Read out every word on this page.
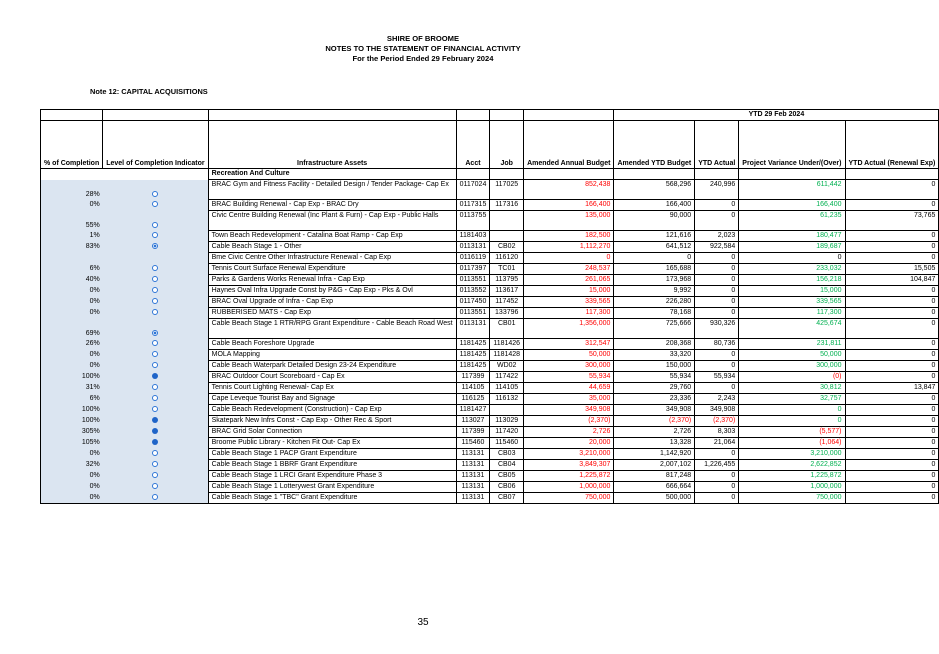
SHIRE OF BROOME
NOTES TO THE STATEMENT OF FINANCIAL ACTIVITY
For the Period Ended 29 February 2024
Note 12: CAPITAL ACQUISITIONS
						YTD 29 Feb 2024			
% of Completion	Level of Completion Indicator	Infrastructure Assets	Acct	Job	Amended Annual Budget	Amended YTD Budget	YTD Actual	Project Variance Under/(Over)	YTD Actual (Renewal Exp)
		Recreation And Culture							
28%		BRAC Gym and Fitness Facility - Detailed Design / Tender Package- Cap Ex	0117024	117025	852,438	568,296	240,996	611,442	0
0%		BRAC Building Renewal - Cap Exp - BRAC Dry	0117315	117316	166,400	166,400	0	166,400	0
55%		Civic Centre Building Renewal (Inc Plant & Furn) - Cap Exp - Public Halls	0113755		135,000	90,000	0	61,235	73,765
1%		Town Beach Redevelopment - Catalina Boat Ramp - Cap Exp	1181403		182,500	121,616	2,023	180,477	0
83%		Cable Beach Stage 1 - Other	0113131	CB02	1,112,270	641,512	922,584	189,687	0
		Bme Civic Centre Other Infrastructure Renewal - Cap Exp	0116119	116120	0	0	0	0	0
6%		Tennis Court Surface Renewal Expenditure	0117397	TC01	248,537	165,688	0	233,032	15,505
40%		Parks & Gardens Works Renewal Infra - Cap Exp	0113551	113795	261,065	173,968	0	156,218	104,847
0%		Haynes Oval Infra Upgrade Const by P&G - Cap Exp - Pks & Ovl	0113552	113617	15,000	9,992	0	15,000	0
0%		BRAC Oval Upgrade of Infra - Cap Exp	0117450	117452	339,565	226,280	0	339,565	0
0%		RUBBERISED MATS - Cap Exp	0113551	133796	117,300	78,168	0	117,300	0
69%		Cable Beach Stage 1 RTR/RPG Grant Expenditure - Cable Beach Road West	0113131	CB01	1,356,000	725,666	930,326	425,674	0
26%		Cable Beach Foreshore Upgrade	1181425	1181426	312,547	208,368	80,736	231,811	0
0%		MOLA Mapping	1181425	1181428	50,000	33,320	0	50,000	0
0%		Cable Beach Waterpark Detailed Design 23-24 Expenditure	1181425	WD02	300,000	150,000	0	300,000	0
100%		BRAC Outdoor Court Scoreboard - Cap Ex	117399	117422	55,934	55,934	55,934	(0)	0
31%		Tennis Court Lighting Renewal- Cap Ex	114105	114105	44,659	29,760	0	30,812	13,847
6%		Cape Leveque Tourist Bay and Signage	116125	116132	35,000	23,336	2,243	32,757	0
100%		Cable Beach Redevelopment (Construction) - Cap Exp	1181427		349,908	349,908	349,908	0	0
100%		Skatepark New Infrs Const - Cap Exp - Other Rec & Sport	113027	113029	(2,370)	(2,370)	(2,370)	0	0
305%		BRAC Grid Solar Connection	117399	117420	2,726	2,726	8,303	(5,577)	0
105%		Broome Public Library - Kitchen Fit Out- Cap Ex	115460	115460	20,000	13,328	21,064	(1,064)	0
0%		Cable Beach Stage 1 PACP Grant Expenditure	113131	CB03	3,210,000	1,142,920	0	3,210,000	0
32%		Cable Beach Stage 1 BBRF Grant Expenditure	113131	CB04	3,849,307	2,007,102	1,226,455	2,622,852	0
0%		Cable Beach Stage 1 LRCI Grant Expenditure Phase 3	113131	CB05	1,225,872	817,248	0	1,225,872	0
0%		Cable Beach Stage 1 Lotterywest Grant Expenditure	113131	CB06	1,000,000	666,664	0	1,000,000	0
0%		Cable Beach Stage 1 "TBC" Grant Expenditure	113131	CB07	750,000	500,000	0	750,000	0
35
